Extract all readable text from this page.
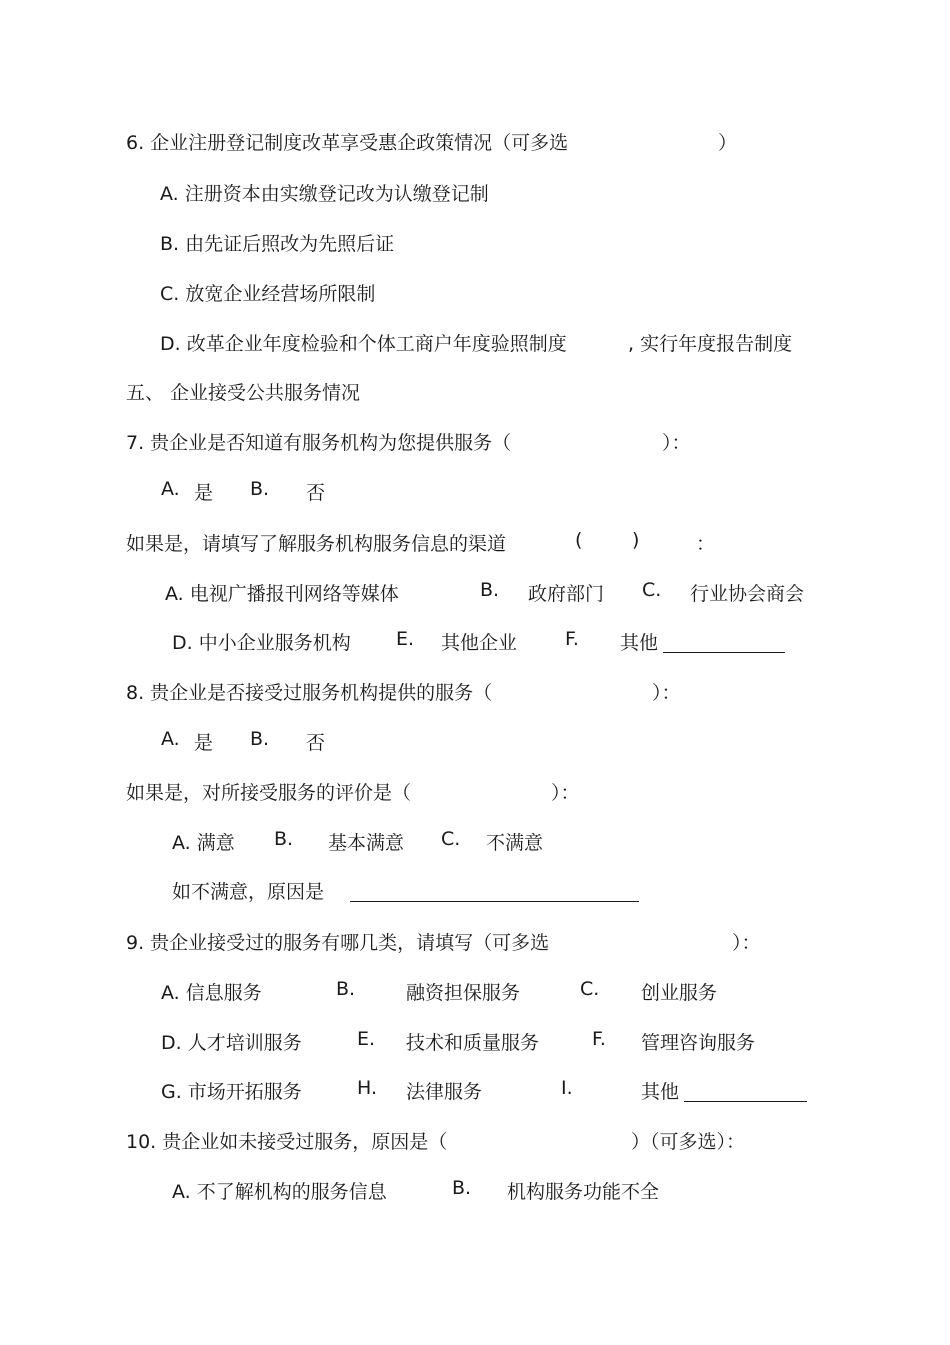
6. 企业注册登记制度改革享受惠企政策情况（可多选	）
A. 注册资本由实缴登记改为认缴登记制
B. 由先证后照改为先照后证
C. 放宽企业经营场所限制
D. 改革企业年度检验和个体工商户年度验照制度	, 实行年度报告制度
五、 企业接受公共服务情况
7. 贵企业是否知道有服务机构为您提供服务（	）：
A. 是 B. 否
如果是，请填写了解服务机构服务信息的渠道	(	)	：
A. 电视广播报刊网络等媒体	B. 政府部门 C. 行业协会商会
D. 中小企业服务机构 E. 其他企业	F. 其他
8. 贵企业是否接受过服务机构提供的服务（	）：
A. 是 B. 否
如果是，对所接受服务的评价是（	）：
A. 满意 B. 基本满意 C. 不满意
如不满意，原因是
9. 贵企业接受过的服务有哪几类，请填写（可多选	）：
A. 信息服务	B.	融资担保服务	C. 创业服务
D. 人才培训服务	E. 技术和质量服务	F. 管理咨询服务
G. 市场开拓服务	H. 法律服务	I.	其他
10. 贵企业如未接受过服务，原因是（	）（可多选）：
A. 不了解机构的服务信息	B. 机构服务功能不全
